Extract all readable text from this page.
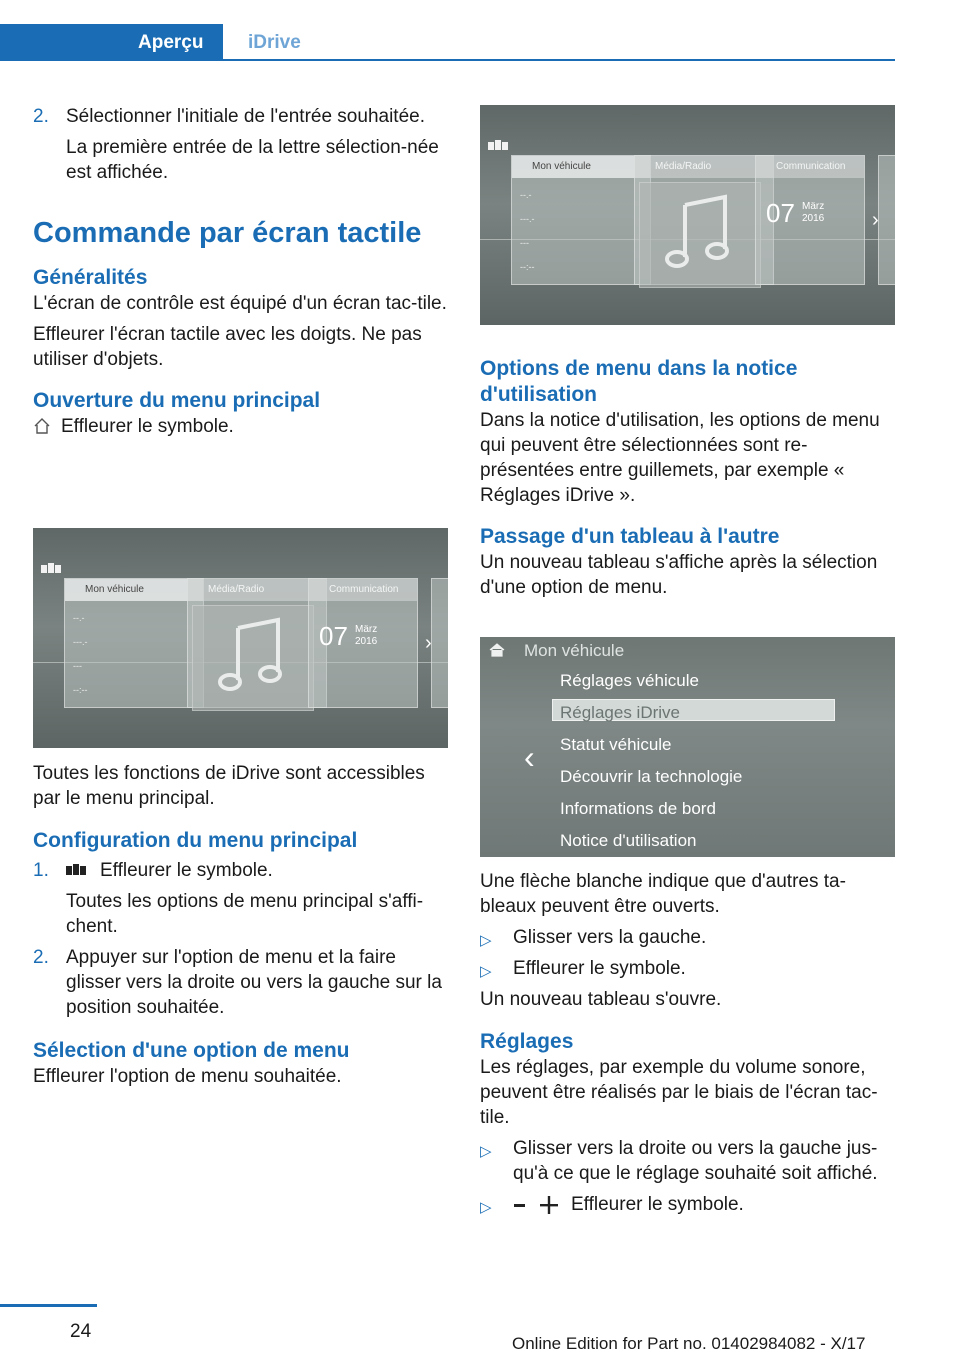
Aperçu iDrive
2. Sélectionner l'initiale de l'entrée souhaitée.
La première entrée de la lettre sélection-née est affichée.
Commande par écran tactile
Généralités
L'écran de contrôle est équipé d'un écran tac-tile.
Effleurer l'écran tactile avec les doigts. Ne pas utiliser d'objets.
Ouverture du menu principal
Effleurer le symbole.
Mon véhicule
--.-
---.-
---
--:--
Média/Radio	Communication
07 März
2016 ›
Toutes les fonctions de iDrive sont accessibles par le menu principal.
Configuration du menu principal
1.	Effleurer le symbole.
Toutes les options de menu principal s'affi-chent.
2. Appuyer sur l'option de menu et la faire glisser vers la droite ou vers la gauche sur la position souhaitée.
Sélection d'une option de menu
Effleurer l'option de menu souhaitée.
Mon véhicule
--.-
---.-
---
--:--
Média/Radio	Communication
07 März
2016 ›
Options de menu dans la notice d'utilisation
Dans la notice d'utilisation, les options de menu qui peuvent être sélectionnées sont re-présentées entre guillemets, par exemple « Réglages iDrive ».
Passage d'un tableau à l'autre
Un nouveau tableau s'affiche après la sélection d'une option de menu.
Mon véhicule
‹
Réglages véhicule
Réglages iDrive
Statut véhicule
Découvrir la technologie
Informations de bord
Notice d'utilisation
Une flèche blanche indique que d'autres ta-bleaux peuvent être ouverts.
▷ Glisser vers la gauche.
▷ Effleurer le symbole.
Un nouveau tableau s'ouvre.
Réglages
Les réglages, par exemple du volume sonore, peuvent être réalisés par le biais de l'écran tac-tile.
▷ Glisser vers la droite ou vers la gauche jus-qu'à ce que le réglage souhaité soit affiché.
▷	Effleurer le symbole.
24
Online Edition for Part no. 01402984082 - X/17
